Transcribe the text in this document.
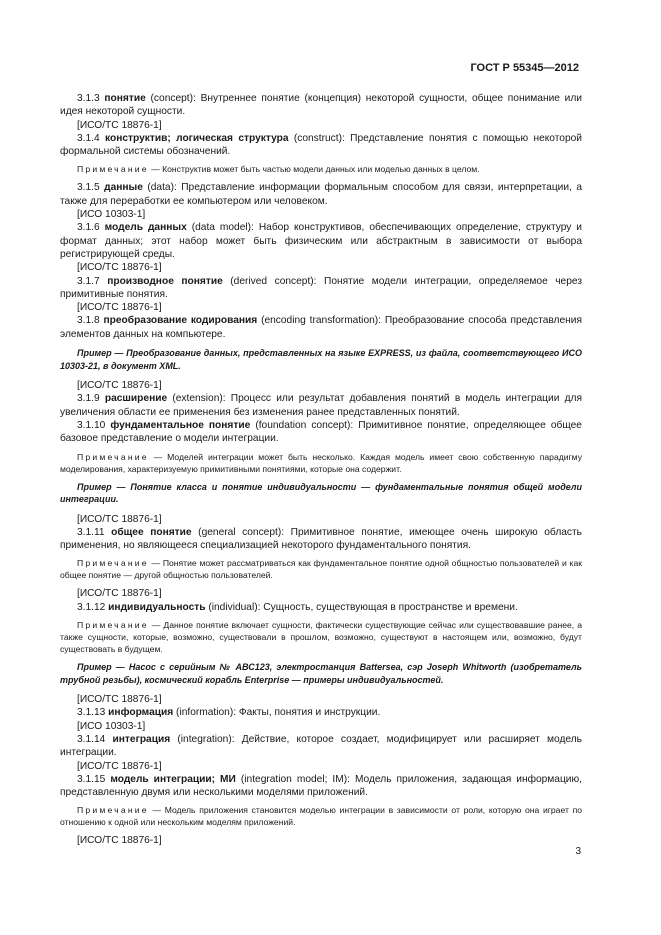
ГОСТ Р 55345—2012

3.1.3 понятие (concept): Внутреннее понятие (концепция) некоторой сущности, общее понимание или идея некоторой сущности.

[ИСО/ТС 18876-1]

3.1.4 конструктив; логическая структура (construct): Представление понятия с помощью некоторой формальной системы обозначений.

Примечание — Конструктив может быть частью модели данных или моделью данных в целом.

3.1.5 данные (data): Представление информации формальным способом для связи, интерпретации, а также для переработки ее компьютером или человеком.

[ИСО 10303-1]

3.1.6 модель данных (data model): Набор конструктивов, обеспечивающих определение, структуру и формат данных; этот набор может быть физическим или абстрактным в зависимости от выбора регистрирующей среды.

[ИСО/ТС 18876-1]

3.1.7 производное понятие (derived concept): Понятие модели интеграции, определяемое через примитивные понятия.

[ИСО/ТС 18876-1]

3.1.8 преобразование кодирования (encoding transformation): Преобразование способа представления элементов данных на компьютере.

Пример — Преобразование данных, представленных на языке EXPRESS, из файла, соответствующего ИСО 10303-21, в документ XML.

[ИСО/ТС 18876-1]

3.1.9 расширение (extension): Процесс или результат добавления понятий в модель интеграции для увеличения области ее применения без изменения ранее представленных понятий.

3.1.10 фундаментальное понятие (foundation concept): Примитивное понятие, определяющее общее базовое представление о модели интеграции.

Примечание — Моделей интеграции может быть несколько. Каждая модель имеет свою собственную парадигму моделирования, характеризуемую примитивными понятиями, которые она содержит.

Пример — Понятие класса и понятие индивидуальности — фундаментальные понятия общей модели интеграции.

[ИСО/ТС 18876-1]

3.1.11 общее понятие (general concept): Примитивное понятие, имеющее очень широкую область применения, но являющееся специализацией некоторого фундаментального понятия.

Примечание — Понятие может рассматриваться как фундаментальное понятие одной общностью пользователей и как общее понятие — другой общностью пользователей.

[ИСО/ТС 18876-1]

3.1.12 индивидуальность (individual): Сущность, существующая в пространстве и времени.

Примечание — Данное понятие включает сущности, фактически существующие сейчас или существовавшие ранее, а также сущности, которые, возможно, существовали в прошлом, возможно, существуют в настоящем или, возможно, будут существовать в будущем.

Пример — Насос с серийным № АВС123, электростанция Battersea, сэр Joseph Whitworth (изобретатель трубной резьбы), космический корабль Enterprise — примеры индивидуальностей.

[ИСО/ТС 18876-1]

3.1.13 информация (information): Факты, понятия и инструкции.

[ИСО 10303-1]

3.1.14 интеграция (integration): Действие, которое создает, модифицирует или расширяет модель интеграции.

[ИСО/ТС 18876-1]

3.1.15 модель интеграции; МИ (integration model; IM): Модель приложения, задающая информацию, представленную двумя или несколькими моделями приложений.

Примечание — Модель приложения становится моделью интеграции в зависимости от роли, которую она играет по отношению к одной или нескольким моделям приложений.

[ИСО/ТС 18876-1]

3
